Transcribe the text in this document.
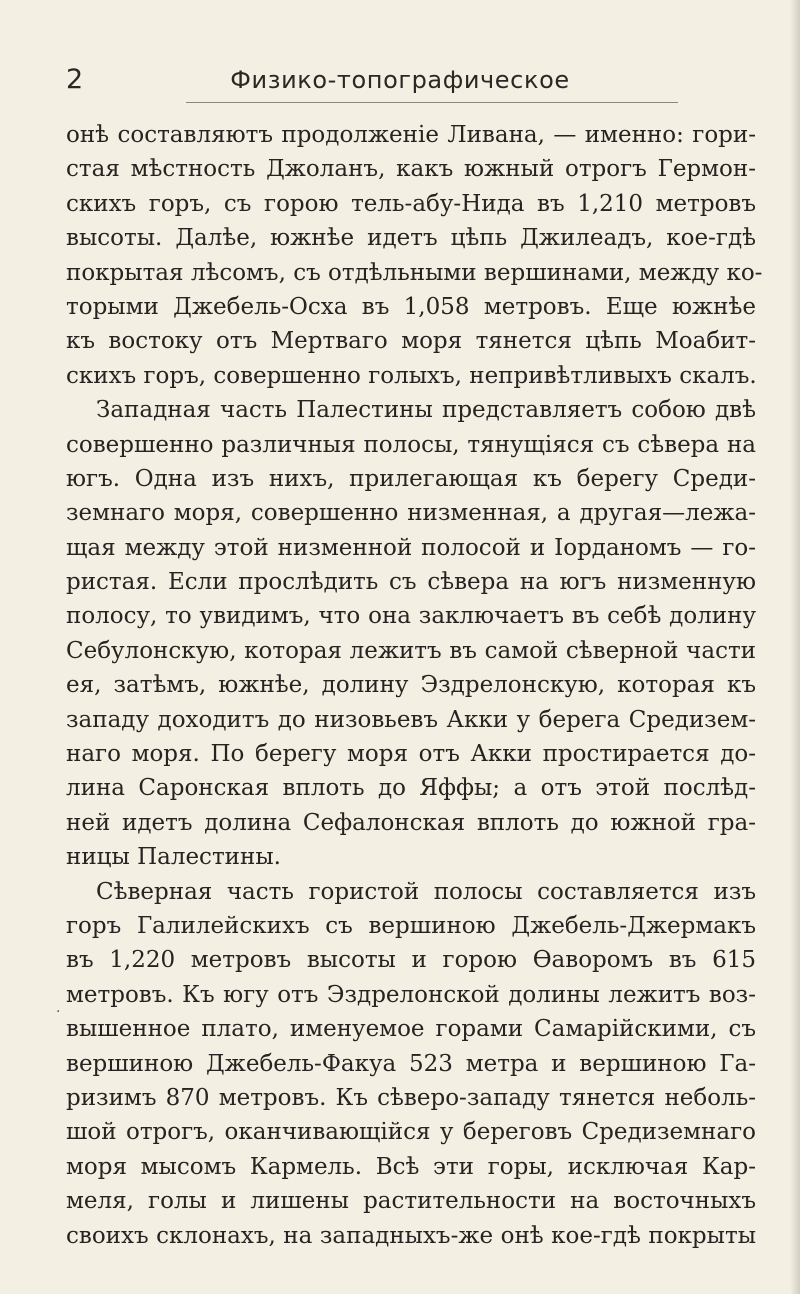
2	Физико-топографическое
онѣ составляютъ продолженіе Ливана, — именно: гори-
стая мѣстность Джоланъ, какъ южный отрогъ Гермон-
скихъ горъ, съ горою тель-абу-Нида въ 1,210 метровъ
высоты. Далѣе, южнѣе идетъ цѣпь Джилеадъ, кое-гдѣ
покрытая лѣсомъ, съ отдѣльными вершинами, между ко-
торыми Джебель-Осха въ 1,058 метровъ. Еще южнѣе
къ востоку отъ Мертваго моря тянется цѣпь Моабит-
скихъ горъ, совершенно голыхъ, непривѣтливыхъ скалъ.
Западная часть Палестины представляетъ собою двѣ
совершенно различныя полосы, тянущіяся съ сѣвера на
югъ. Одна изъ нихъ, прилегающая къ берегу Среди-
земнаго моря, совершенно низменная, а другая—лежа-
щая между этой низменной полосой и Іорданомъ — го-
ристая. Если прослѣдить съ сѣвера на югъ низменную
полосу, то увидимъ, что она заключаетъ въ себѣ долину
Себулонскую, которая лежитъ въ самой сѣверной части
ея, затѣмъ, южнѣе, долину Эздрелонскую, которая къ
западу доходитъ до низовьевъ Акки у берега Средизем-
наго моря. По берегу моря отъ Акки простирается до-
лина Саронская вплоть до Яффы; а отъ этой послѣд-
ней идетъ долина Сефалонская вплоть до южной гра-
ницы Палестины.
Сѣверная часть гористой полосы составляется изъ
горъ Галилейскихъ съ вершиною Джебель-Джермакъ
въ 1,220 метровъ высоты и горою Ѳаворомъ въ 615
метровъ. Къ югу отъ Эздрелонской долины лежитъ воз-
вышенное плато, именуемое горами Самарійскими, съ
вершиною Джебель-Факуа 523 метра и вершиною Га-
ризимъ 870 метровъ. Къ сѣверо-западу тянется неболь-
шой отрогъ, оканчивающійся у береговъ Средиземнаго
моря мысомъ Кармель. Всѣ эти горы, исключая Кар-
меля, голы и лишены растительности на восточныхъ
своихъ склонахъ, на западныхъ-же онѣ кое-гдѣ покрыты
·
